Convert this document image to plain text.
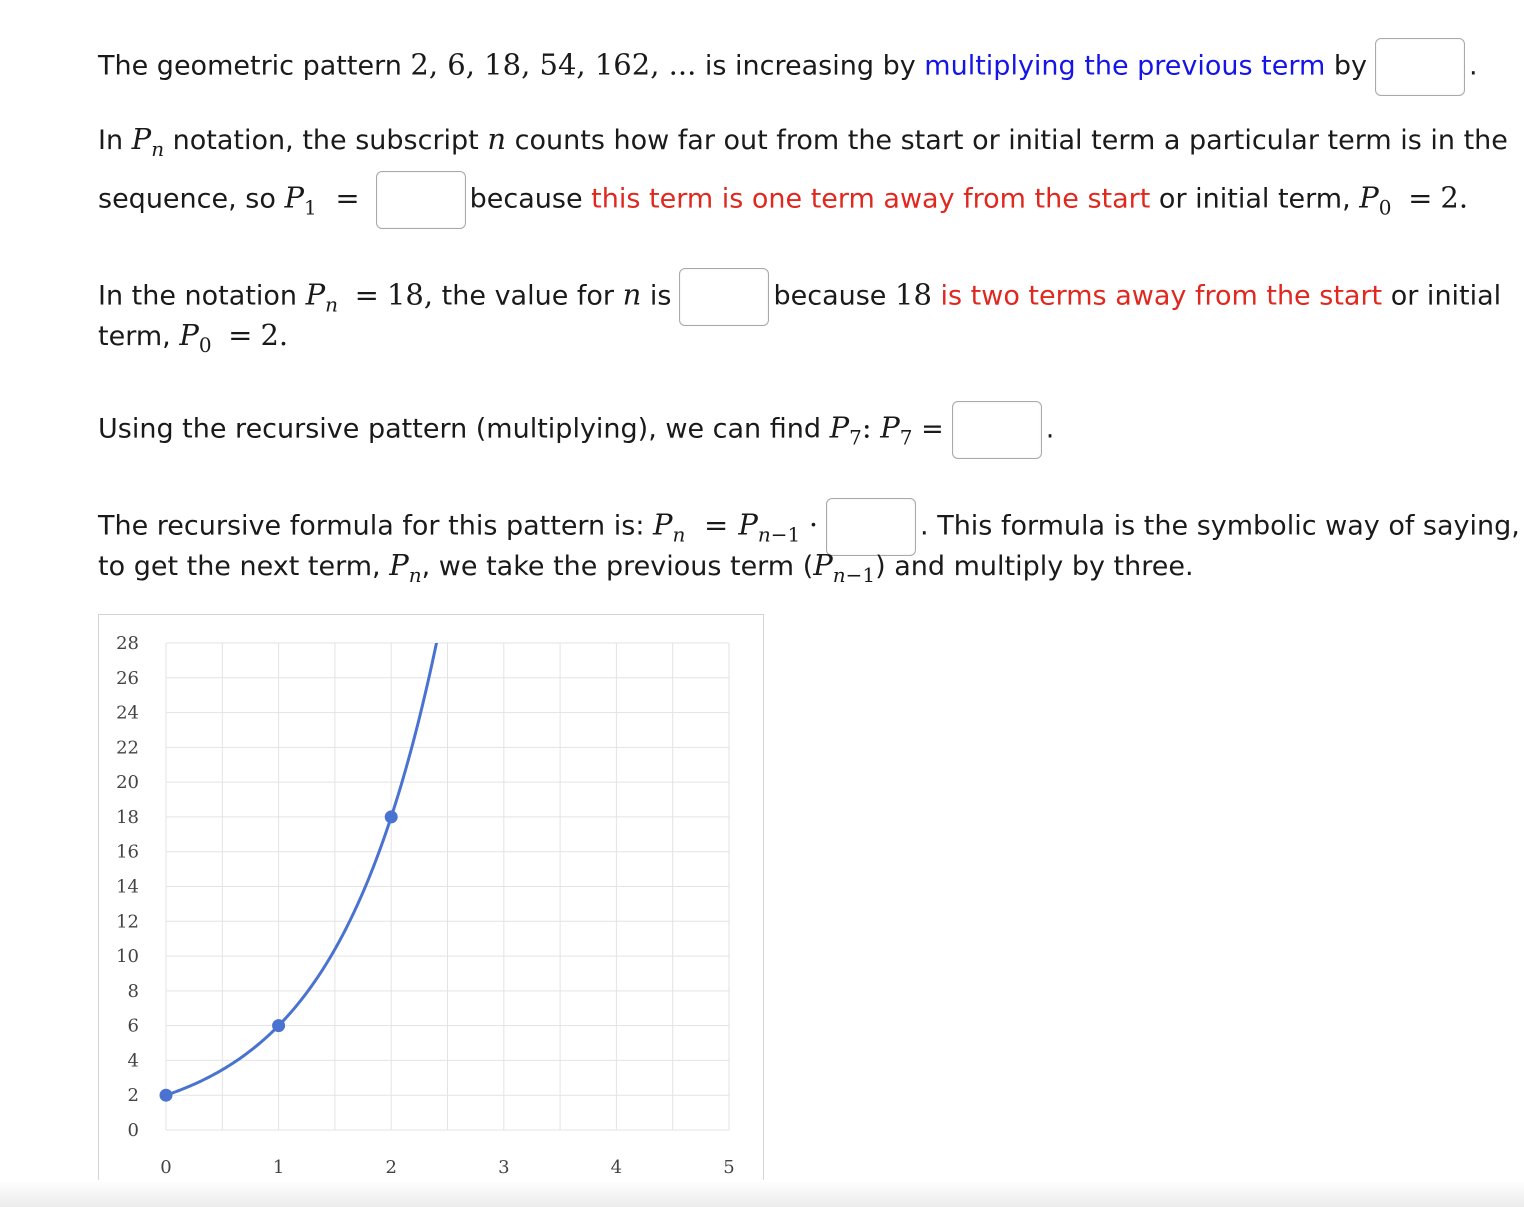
The geometric pattern 2, 6, 18, 54, 162, ... is increasing by multiplying the previous term by	.
In $P_n$ notation, the subscript n counts how far out from the start or initial term a particular term is in the
sequence, so $P_1$ =	because this term is one term away from the start or initial term, $P_0 = 2$.
In the notation $P_n = 18$, the value for n is	because 18 is two terms away from the start or initial
term, $P_0 = 2$.
Using the recursive pattern (multiplying), we can find $P_7$: $P_7$ =	.
The recursive formula for this pattern is: $P_n = P_{n-1}$ ·	. This formula is the symbolic way of saying,
to get the next term, $P_n$, we take the previous term $(P_{n-1})$ and multiply by three.
0
2
4
6
8
10
12
14
16
18
20
22
24
26
28
0	1	2	3	4	5
